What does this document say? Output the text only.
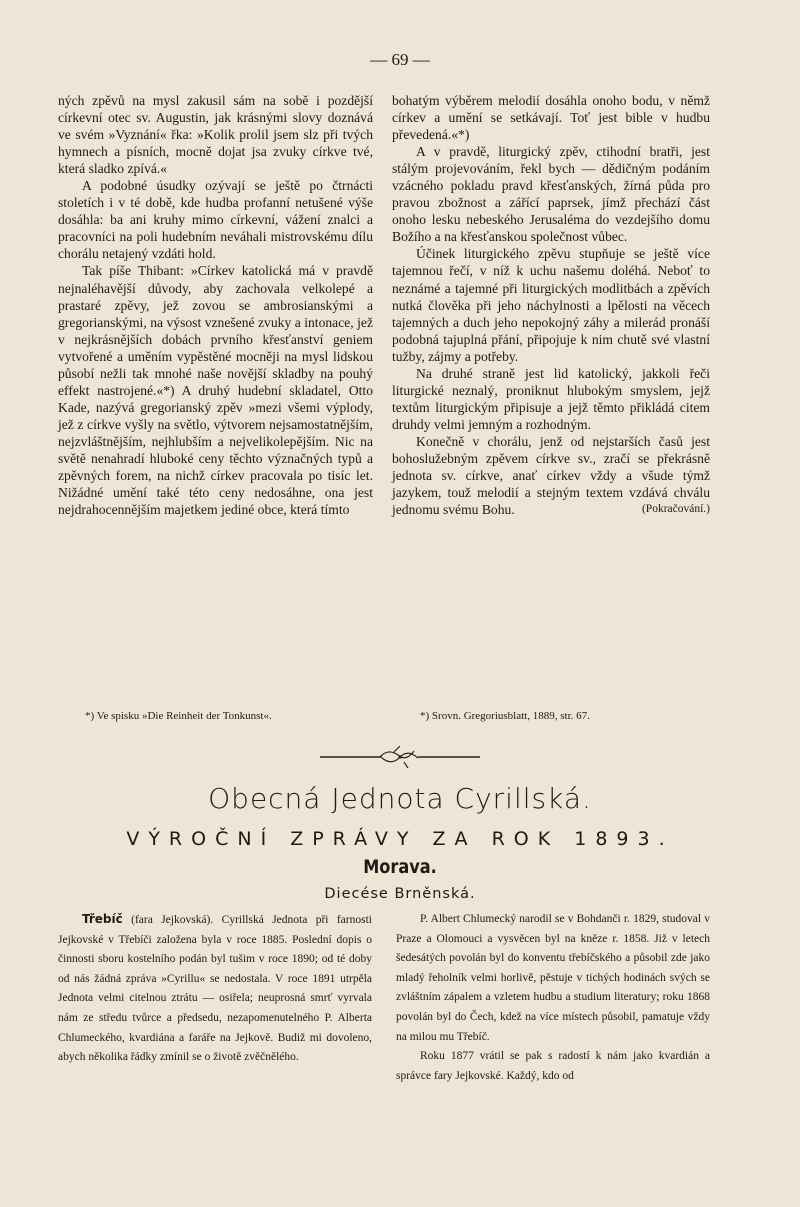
— 69 —

ných zpěvů na mysl zakusil sám na sobě i pozdější církevní otec sv. Augustin, jak krásnými slovy doznává ve svém »Vyznání« řka: »Kolik prolil jsem slz při tvých hymnech a písních, mocně dojat jsa zvuky církve tvé, která sladko zpívá.«

A podobné úsudky ozývají se ještě po čtrnácti stoletích i v té době, kde hudba profanní netušené výše dosáhla: ba ani kruhy mimo církevní, vážení znalci a pracovníci na poli hudebním neváhali mistrovskému dílu chorálu netajený vzdáti hold.

Tak píše Thibant: »Církev katolická má v pravdě nejnaléhavější důvody, aby zachovala velkolepé a prastaré zpěvy, jež zovou se ambrosianskými a gregorianskými, na výsost vznešené zvuky a intonace, jež v nejkrásnějších dobách prvního křesťanství geniem vytvořené a uměním vypěstěné mocněji na mysl lidskou působí nežli tak mnohé naše novější skladby na pouhý effekt nastrojené.«*) A druhý hudební skladatel, Otto Kade, nazývá gregorianský zpěv »mezi všemi výplody, jež z církve vyšly na světlo, výtvorem nejsamostatnějším, nejzvláštnějším, nejhlubším a nejvelikolepějším. Nic na světě nenahradí hluboké ceny těchto význačných typů a zpěvných forem, na nichž církev pracovala po tisíc let. Nižádné umění také této ceny nedosáhne, ona jest nejdrahocennějším majetkem jediné obce, která tímto

bohatým výběrem melodií dosáhla onoho bodu, v němž církev a umění se setkávají. Toť jest bible v hudbu převedená.«*)

A v pravdě, liturgický zpěv, ctihodní bratři, jest stálým projevováním, řekl bych — dědičným podáním vzácného pokladu pravd křesťanských, žírná půda pro pravou zbožnost a zářící paprsek, jímž přechází část onoho lesku nebeského Jerusaléma do vezdejšího domu Božího a na křesťanskou společnost vůbec.

Účinek liturgického zpěvu stupňuje se ještě více tajemnou řečí, v níž k uchu našemu doléhá. Neboť to neznámé a tajemné při liturgických modlitbách a zpěvích nutká člověka při jeho náchylnosti a lpělosti na věcech tajemných a duch jeho nepokojný záhy a milerád pronáší podobná tajuplná přání, připojuje k nim chutě své vlastní tužby, zájmy a potřeby.

Na druhé straně jest lid katolický, jakkoli řeči liturgické neznalý, proniknut hlubokým smyslem, jejž textům liturgickým připisuje a jejž těmto přikládá citem druhdy velmi jemným a rozhodným.

Konečně v chorálu, jenž od nejstarších časů jest bohoslužebným zpěvem církve sv., zračí se překrásně jednota sv. církve, anať církev vždy a všude týmž jazykem, touž melodií a stejným textem vzdává chválu jednomu svému Bohu.	(Pokračování.)
*) Ve spisku »Die Reinheit der Tonkunst«.	*) Srovn. Gregoriusblatt, 1889, str. 67.
Obecná Jednota Cyrillská.
VÝROČNÍ ZPRÁVY ZA ROK 1893.
Morava.
Diecése Brněnská.

Třebíč (fara Jejkovská). Cyrillská Jednota při farnosti Jejkovské v Třebíči založena byla v roce 1885. Poslední dopis o činnosti sboru kostelního podán byl tušim v roce 1890; od té doby od nás žádná zpráva »Cyrillu« se nedostala. V roce 1891 utrpěla Jednota velmi citelnou ztrátu — osiřela; neuprosná smrť vyrvala nám ze středu tvůrce a předsedu, nezapomenutelného P. Alberta Chlumeckého, kvardiána a faráře na Jejkově. Budiž mi dovoleno, abych několika řádky zmínil se o životě zvěčnělého.

P. Albert Chlumecký narodil se v Bohdanči r. 1829, studoval v Praze a Olomouci a vysvěcen byl na kněze r. 1858. Již v letech šedesátých povolán byl do konventu třebíčského a působil zde jako mladý řeholník velmi horlivě, pěstuje v tichých hodinách svých se zvláštním zápalem a vzletem hudbu a studium literatury; roku 1868 povolán byl do Čech, kdež na více místech působil, pamatuje vždy na milou mu Třebíč.

Roku 1877 vrátil se pak s radostí k nám jako kvardián a správce fary Jejkovské. Každý, kdo od
